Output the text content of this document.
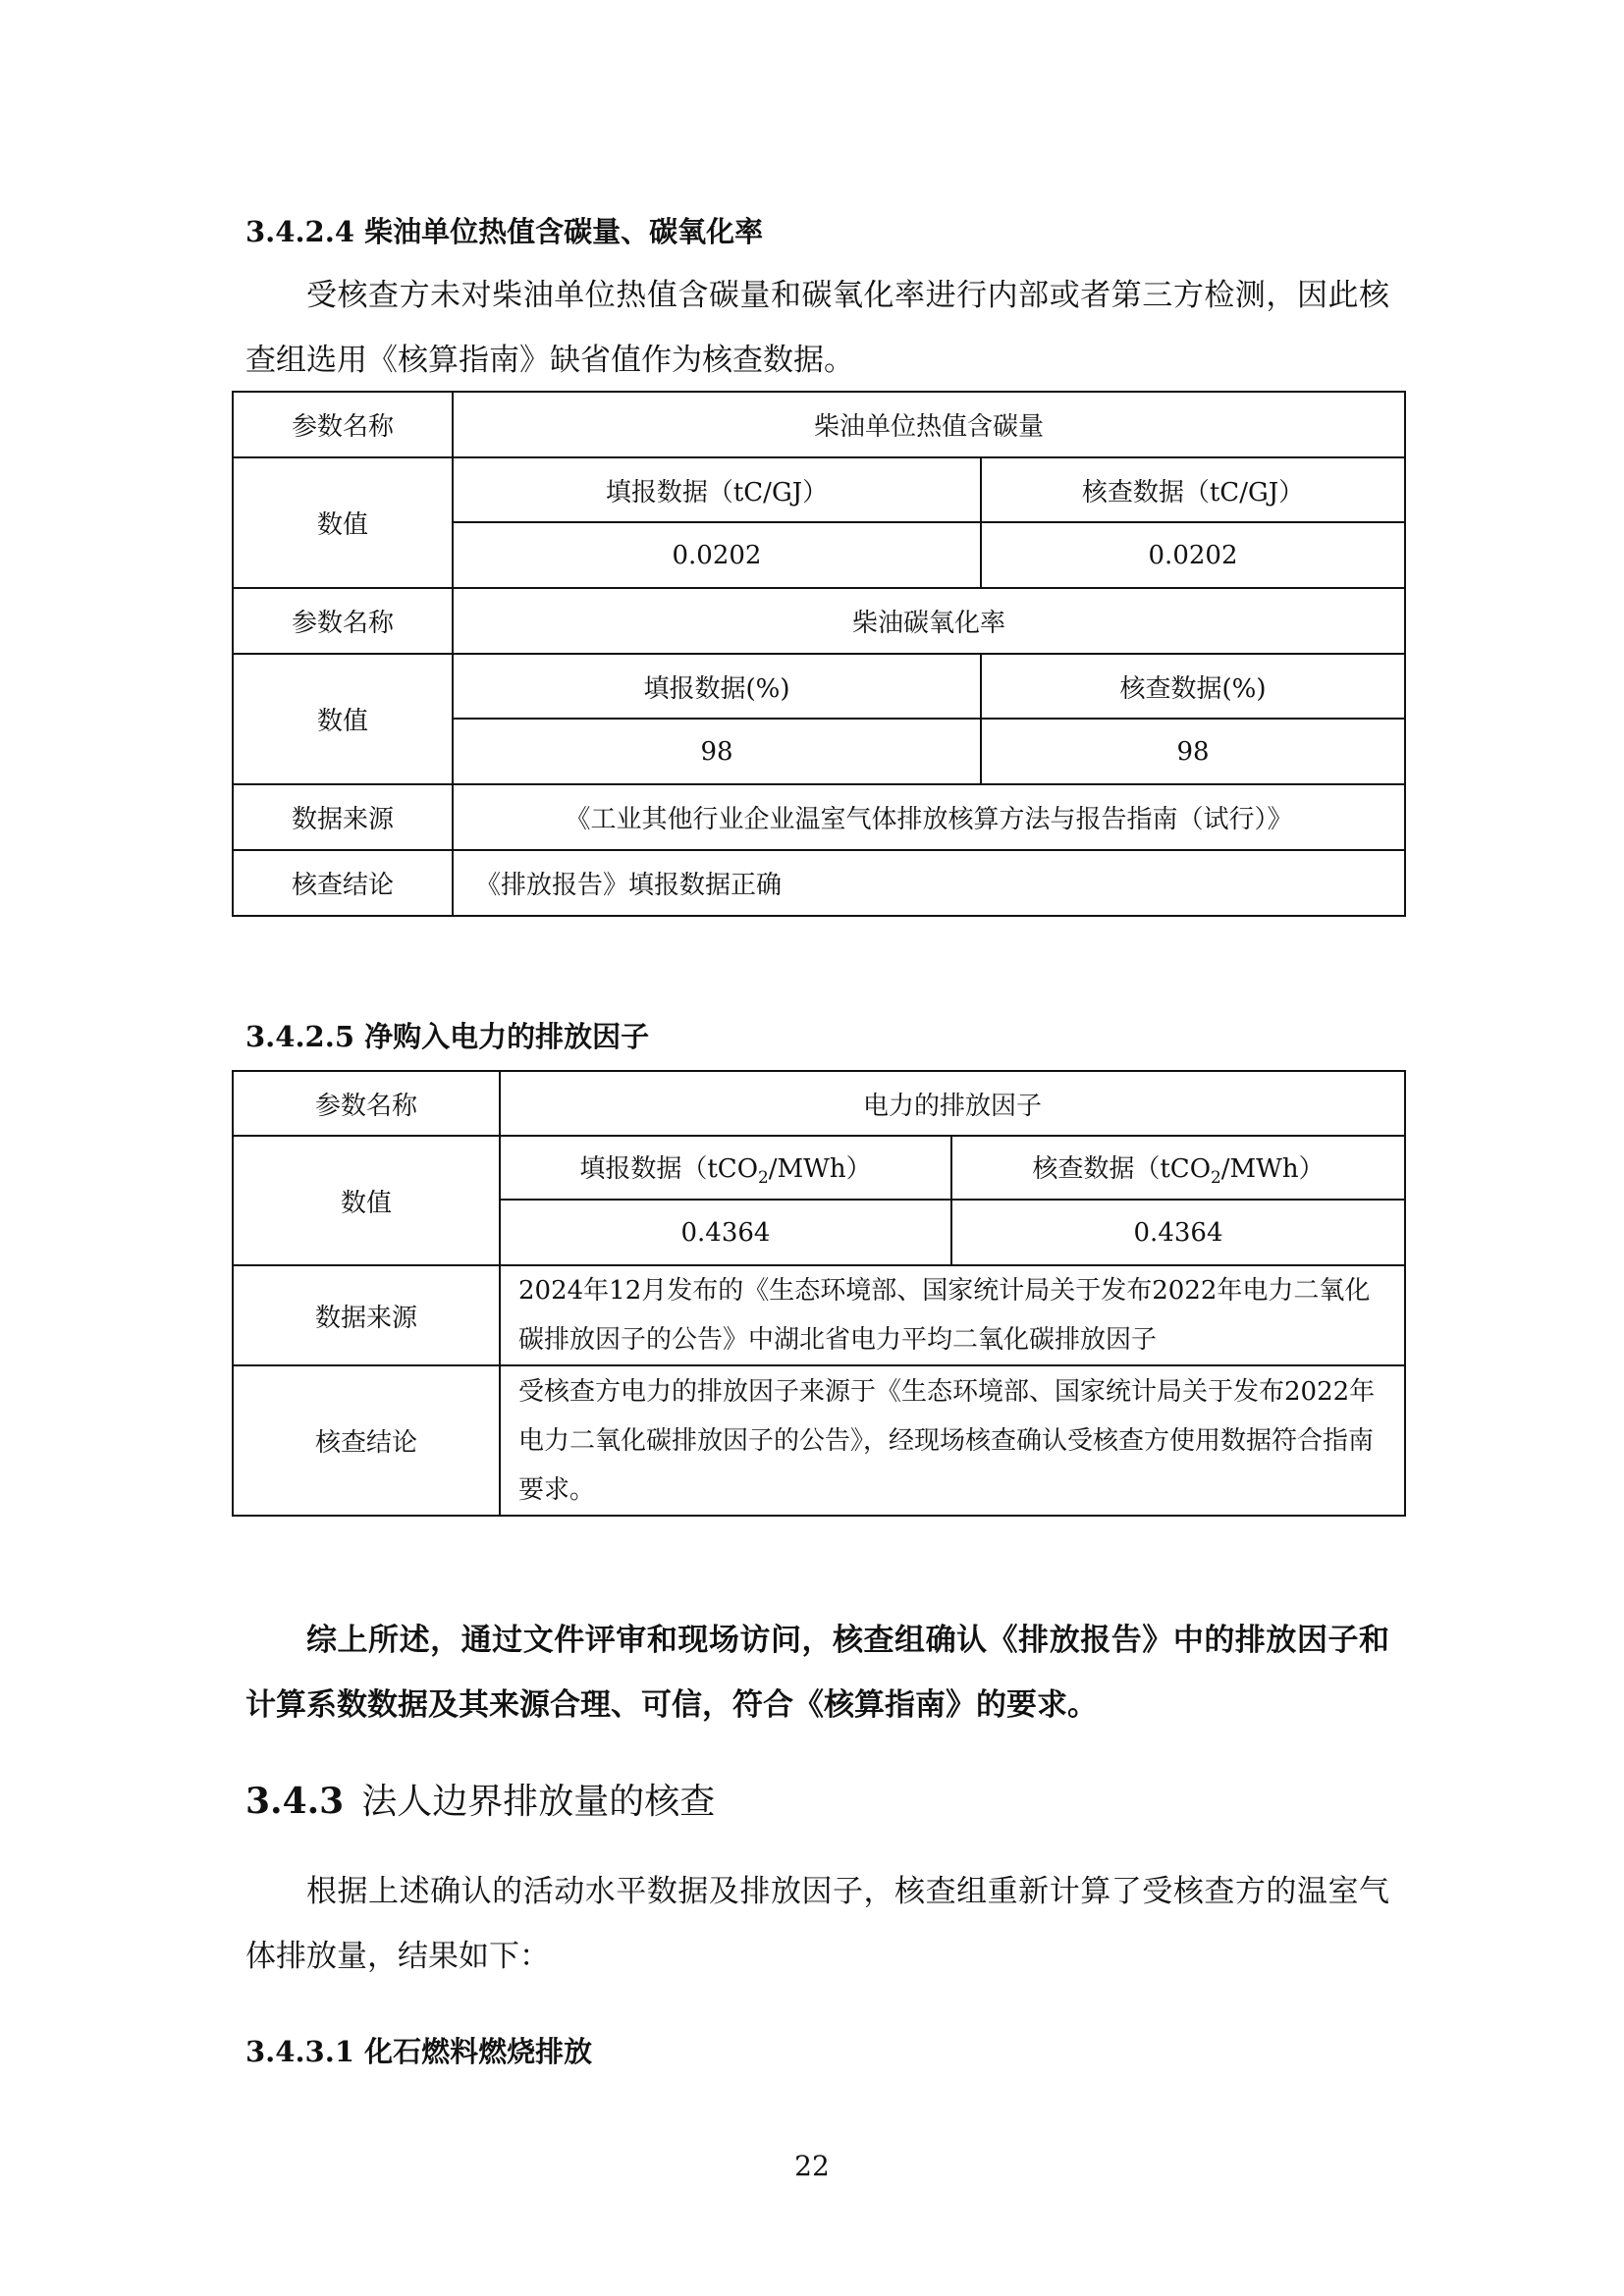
3.4.2.4 柴油单位热值含碳量、碳氧化率
受核查方未对柴油单位热值含碳量和碳氧化率进行内部或者第三方检测，因此核查组选用《核算指南》缺省值作为核查数据。
参数名称	柴油单位热值含碳量	
数值	填报数据（tC/GJ）	核查数据（tC/GJ）
	0.0202	0.0202
参数名称	柴油碳氧化率	
数值	填报数据(%)	核查数据(%)
	98	98
数据来源	《工业其他行业企业温室气体排放核算方法与报告指南（试行）》	
核查结论	《排放报告》填报数据正确	
3.4.2.5 净购入电力的排放因子
参数名称	电力的排放因子	
数值	填报数据（tCO$_2$/MWh）	核查数据（tCO$_2$/MWh）
	0.4364	0.4364
数据来源	2024年12月发布的《生态环境部、国家统计局关于发布2022年电力二氧化碳排放因子的公告》中湖北省电力平均二氧化碳排放因子	
核查结论	受核查方电力的排放因子来源于《生态环境部、国家统计局关于发布2022年电力二氧化碳排放因子的公告》，经现场核查确认受核查方使用数据符合指南要求。	
综上所述，通过文件评审和现场访问，核查组确认《排放报告》中的排放因子和计算系数数据及其来源合理、可信，符合《核算指南》的要求。
3.4.3 法人边界排放量的核查
根据上述确认的活动水平数据及排放因子，核查组重新计算了受核查方的温室气体排放量，结果如下：
3.4.3.1 化石燃料燃烧排放
22
